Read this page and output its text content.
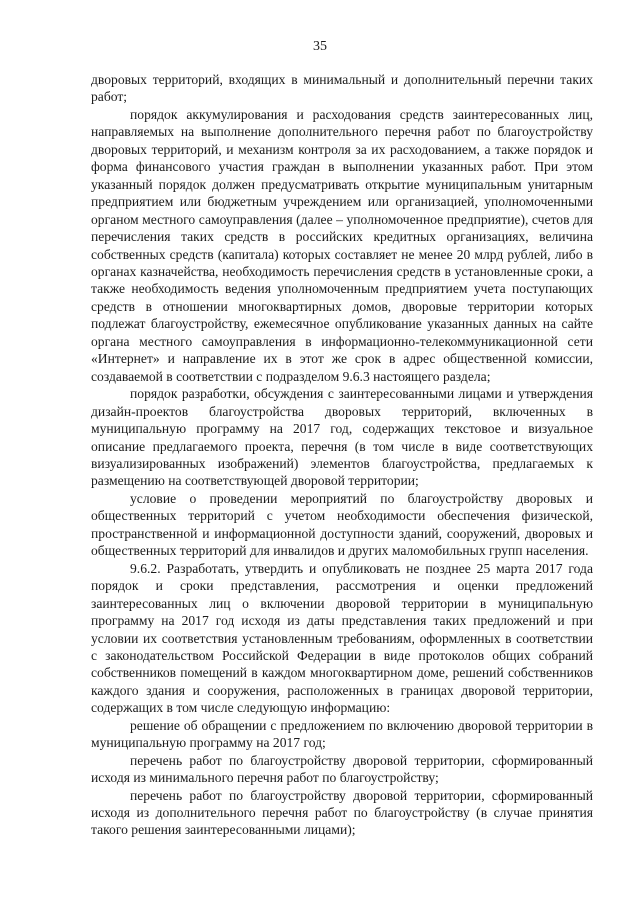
35

дворовых территорий, входящих в минимальный и дополнительный перечни таких работ;

порядок аккумулирования и расходования средств заинтересованных лиц, направляемых на выполнение дополнительного перечня работ по благоустройству дворовых территорий, и механизм контроля за их расходованием, а также порядок и форма финансового участия граждан в выполнении указанных работ. При этом указанный порядок должен предусматривать открытие муниципальным унитарным предприятием или бюджетным учреждением или организацией, уполномоченными органом местного самоуправления (далее – уполномоченное предприятие), счетов для перечисления таких средств в российских кредитных организациях, величина собственных средств (капитала) которых составляет не менее 20 млрд рублей, либо в органах казначейства, необходимость перечисления средств в установленные сроки, а также необходимость ведения уполномоченным предприятием учета поступающих средств в отношении многоквартирных домов, дворовые территории которых подлежат благоустройству, ежемесячное опубликование указанных данных на сайте органа местного самоуправления в информационно-телекоммуникационной сети «Интернет» и направление их в этот же срок в адрес общественной комиссии, создаваемой в соответствии с подразделом 9.6.3 настоящего раздела;

порядок разработки, обсуждения с заинтересованными лицами и утверждения дизайн-проектов благоустройства дворовых территорий, включенных в муниципальную программу на 2017 год, содержащих текстовое и визуальное описание предлагаемого проекта, перечня (в том числе в виде соответствующих визуализированных изображений) элементов благоустройства, предлагаемых к размещению на соответствующей дворовой территории;

условие о проведении мероприятий по благоустройству дворовых и общественных территорий с учетом необходимости обеспечения физической, пространственной и информационной доступности зданий, сооружений, дворовых и общественных территорий для инвалидов и других маломобильных групп населения.

9.6.2. Разработать, утвердить и опубликовать не позднее 25 марта 2017 года порядок и сроки представления, рассмотрения и оценки предложений заинтересованных лиц о включении дворовой территории в муниципальную программу на 2017 год исходя из даты представления таких предложений и при условии их соответствия установленным требованиям, оформленных в соответствии с законодательством Российской Федерации в виде протоколов общих собраний собственников помещений в каждом многоквартирном доме, решений собственников каждого здания и сооружения, расположенных в границах дворовой территории, содержащих в том числе следующую информацию:

решение об обращении с предложением по включению дворовой территории в муниципальную программу на 2017 год;

перечень работ по благоустройству дворовой территории, сформированный исходя из минимального перечня работ по благоустройству;

перечень работ по благоустройству дворовой территории, сформированный исходя из дополнительного перечня работ по благоустройству (в случае принятия такого решения заинтересованными лицами);
